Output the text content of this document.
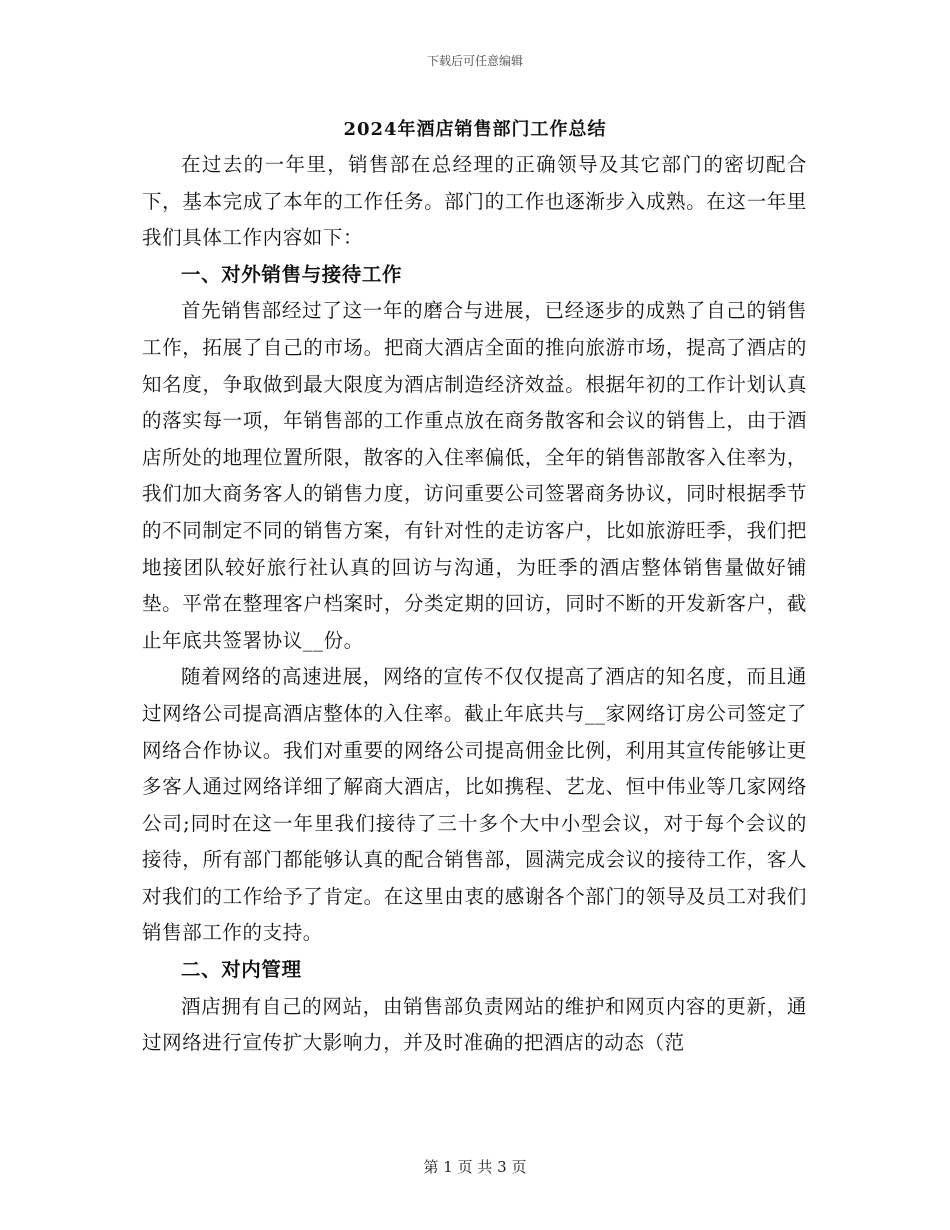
下载后可任意编辑
2024年酒店销售部门工作总结

在过去的一年里，销售部在总经理的正确领导及其它部门的密切配合下，基本完成了本年的工作任务。部门的工作也逐渐步入成熟。在这一年里我们具体工作内容如下：

一、对外销售与接待工作

首先销售部经过了这一年的磨合与进展，已经逐步的成熟了自己的销售工作，拓展了自己的市场。把商大酒店全面的推向旅游市场，提高了酒店的知名度，争取做到最大限度为酒店制造经济效益。根据年初的工作计划认真的落实每一项，年销售部的工作重点放在商务散客和会议的销售上，由于酒店所处的地理位置所限，散客的入住率偏低，全年的销售部散客入住率为，我们加大商务客人的销售力度，访问重要公司签署商务协议，同时根据季节的不同制定不同的销售方案，有针对性的走访客户，比如旅游旺季，我们把地接团队较好旅行社认真的回访与沟通，为旺季的酒店整体销售量做好铺垫。平常在整理客户档案时，分类定期的回访，同时不断的开发新客户，截止年底共签署协议__份。

随着网络的高速进展，网络的宣传不仅仅提高了酒店的知名度，而且通过网络公司提高酒店整体的入住率。截止年底共与__家网络订房公司签定了网络合作协议。我们对重要的网络公司提高佣金比例，利用其宣传能够让更多客人通过网络详细了解商大酒店，比如携程、艺龙、恒中伟业等几家网络公司;同时在这一年里我们接待了三十多个大中小型会议，对于每个会议的接待，所有部门都能够认真的配合销售部，圆满完成会议的接待工作，客人对我们的工作给予了肯定。在这里由衷的感谢各个部门的领导及员工对我们销售部工作的支持。

二、对内管理

酒店拥有自己的网站，由销售部负责网站的维护和网页内容的更新，通过网络进行宣传扩大影响力，并及时准确的把酒店的动态（范

第 1 页 共 3 页
